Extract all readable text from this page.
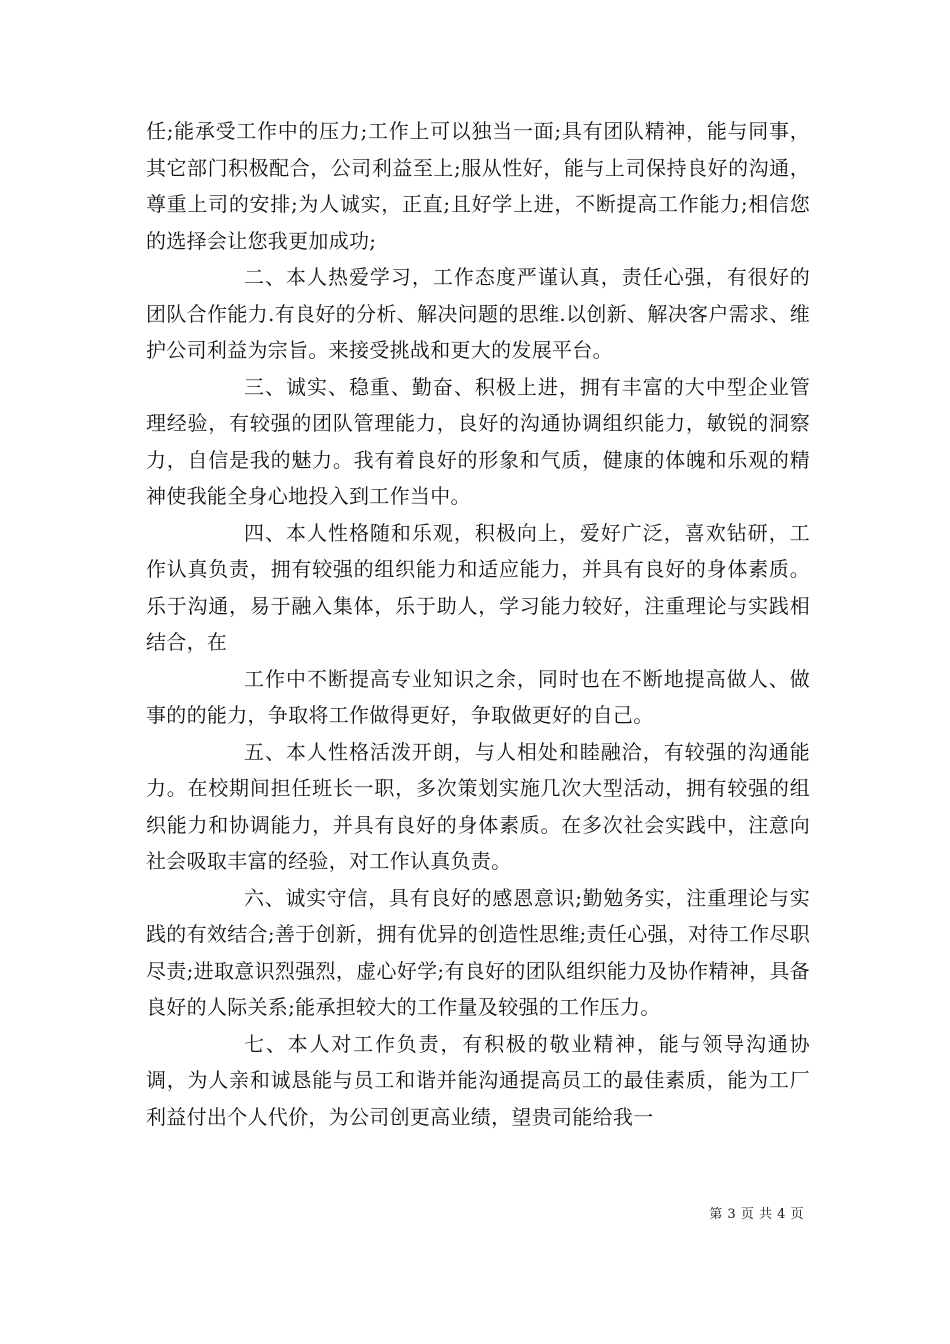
任;能承受工作中的压力;工作上可以独当一面;具有团队精神，能与同事，其它部门积极配合，公司利益至上;服从性好，能与上司保持良好的沟通，尊重上司的安排;为人诚实，正直;且好学上进，不断提高工作能力;相信您的选择会让您我更加成功;

二、本人热爱学习，工作态度严谨认真，责任心强，有很好的团队合作能力.有良好的分析、解决问题的思维.以创新、解决客户需求、维护公司利益为宗旨。来接受挑战和更大的发展平台。

三、诚实、稳重、勤奋、积极上进，拥有丰富的大中型企业管理经验，有较强的团队管理能力，良好的沟通协调组织能力，敏锐的洞察力，自信是我的魅力。我有着良好的形象和气质，健康的体魄和乐观的精神使我能全身心地投入到工作当中。

四、本人性格随和乐观，积极向上，爱好广泛，喜欢钻研，工作认真负责，拥有较强的组织能力和适应能力，并具有良好的身体素质。乐于沟通，易于融入集体，乐于助人，学习能力较好，注重理论与实践相结合，在

工作中不断提高专业知识之余，同时也在不断地提高做人、做事的的能力，争取将工作做得更好，争取做更好的自己。

五、本人性格活泼开朗，与人相处和睦融洽，有较强的沟通能力。在校期间担任班长一职，多次策划实施几次大型活动，拥有较强的组织能力和协调能力，并具有良好的身体素质。在多次社会实践中，注意向社会吸取丰富的经验，对工作认真负责。

六、诚实守信，具有良好的感恩意识;勤勉务实，注重理论与实践的有效结合;善于创新，拥有优异的创造性思维;责任心强，对待工作尽职尽责;进取意识烈强烈，虚心好学;有良好的团队组织能力及协作精神，具备良好的人际关系;能承担较大的工作量及较强的工作压力。

七、本人对工作负责，有积极的敬业精神，能与领导沟通协调，为人亲和诚恳能与员工和谐并能沟通提高员工的最佳素质，能为工厂利益付出个人代价，为公司创更高业绩，望贵司能给我一

第 3 页 共 4 页
